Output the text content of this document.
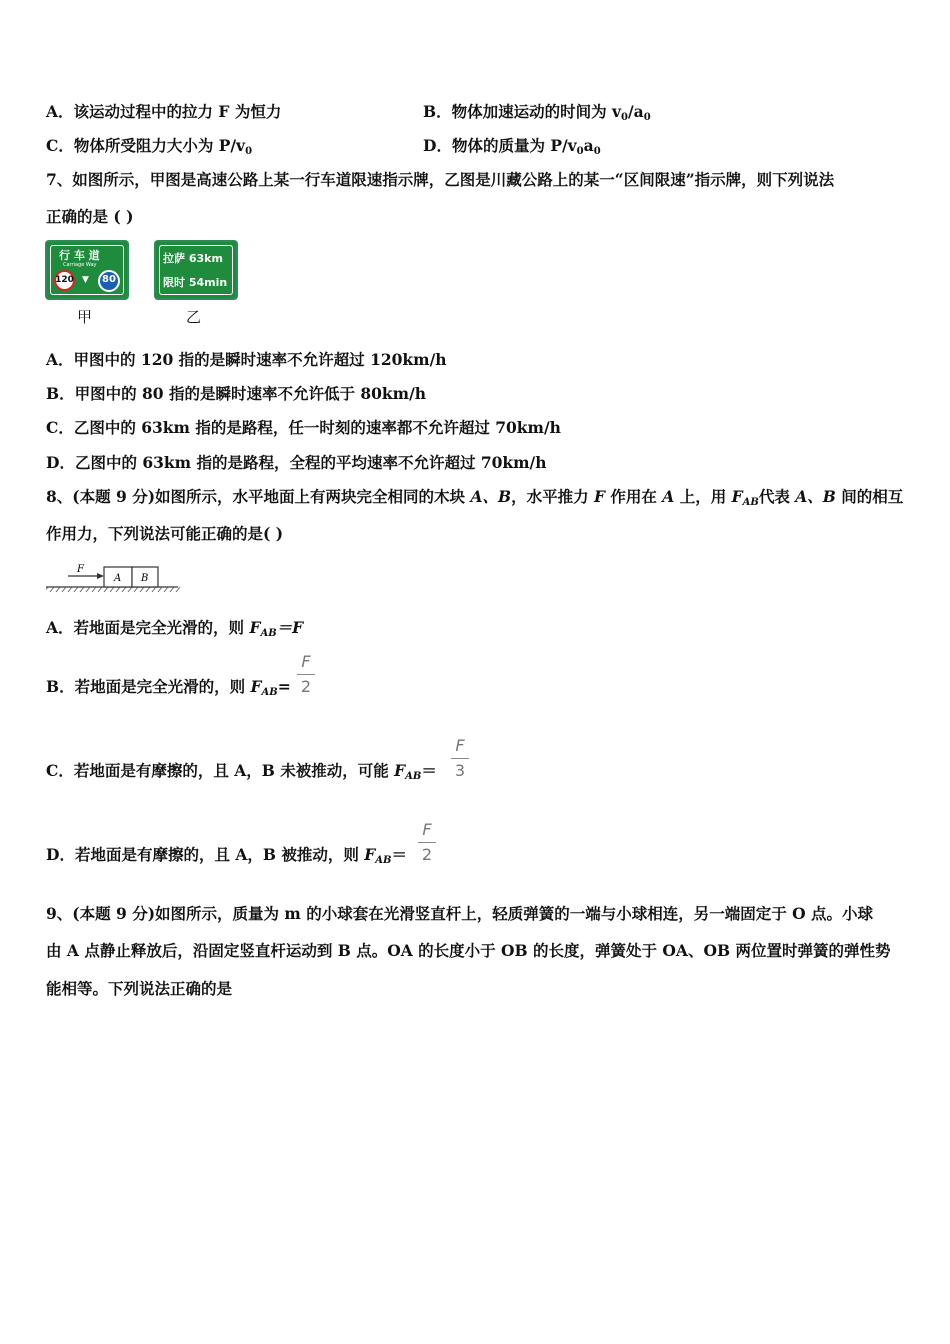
A．该运动过程中的拉力 F 为恒力	B．物体加速运动的时间为 $v_0/a_0$
C．物体所受阻力大小为 $P/v_0$	D．物体的质量为 $P/v_0a_0$
7、如图所示，甲图是高速公路上某一行车道限速指示牌，乙图是川藏公路上的某一“区间限速”指示牌，则下列说法
正确的是 ( )
行 车 道
Carriage Way
120 ▼	80
甲
拉萨 63km
限时 54min
乙
A．甲图中的 120 指的是瞬时速率不允许超过 120km/h
B．甲图中的 80 指的是瞬时速率不允许低于 80km/h
C．乙图中的 63km 指的是路程，任一时刻的速率都不允许超过 70km/h
D．乙图中的 63km 指的是路程，全程的平均速率不允许超过 70km/h
8、(本题 9 分)如图所示，水平地面上有两块完全相同的木块 A、B，水平推力 F 作用在 A 上，用 $F_{AB}$代表 A、B 间的相互
作用力，下列说法可能正确的是( )
F
A B
A．若地面是完全光滑的，则 $F_{AB}=F$
B．若地面是完全光滑的，则 $F_{AB}=$
F
2
C．若地面是有摩擦的，且 A，B 未被推动，可能 $F_{AB}=$
F
3
D．若地面是有摩擦的，且 A，B 被推动，则 $F_{AB}=$
F
2
9、(本题 9 分)如图所示，质量为 m 的小球套在光滑竖直杆上，轻质弹簧的一端与小球相连，另一端固定于 O 点。小球
由 A 点静止释放后，沿固定竖直杆运动到 B 点。OA 的长度小于 OB 的长度，弹簧处于 OA、OB 两位置时弹簧的弹性势
能相等。下列说法正确的是
